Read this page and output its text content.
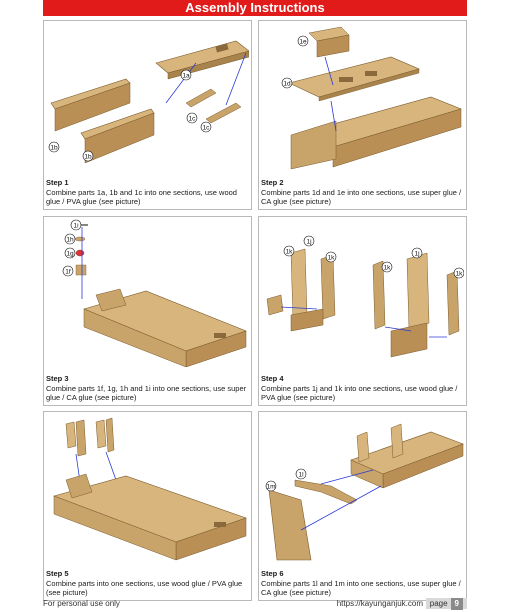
Assembly Instructions
1a
1b
1b
1c
1c
Step 1
Combine parts 1a, 1b and 1c into one sections, use wood glue / PVA glue (see picture)
1e
1d
Step 2
Combine parts 1d and 1e into one sections, use super glue / CA glue (see picture)
1i
1h
1g
1f
Step 3
Combine parts 1f, 1g, 1h and 1i into one sections, use super glue / CA glue (see picture)
1k
1j
1k
1k
1j
1k
Step 4
Combine parts 1j and 1k into one sections, use wood glue / PVA glue (see picture)
Step 5
Combine parts into one sections, use wood glue / PVA glue (see picture)
1l
1m
Step 6
Combine parts 1l and 1m into one sections, use super glue / CA glue (see picture)
For personal use only	https://kayunganjuk.com page 9
